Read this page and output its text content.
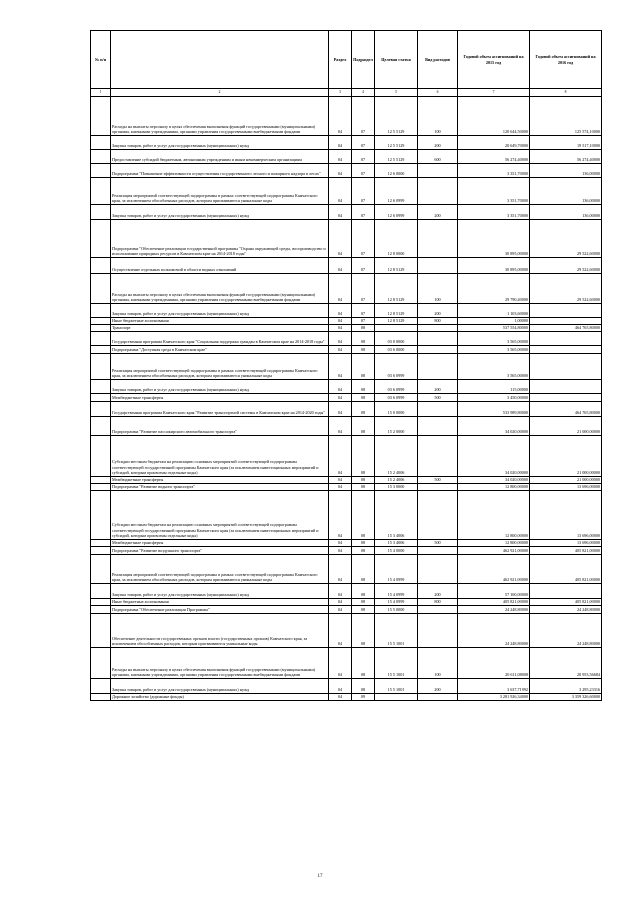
№ п/п		Раздел	Подраздел	Целевая статья	Вид расходов	Годовой объем ассигнований на 2015 год	Годовой объем ассигнований на 2016 год
1	2	3	4	5	6	7	8
	Расходы на выплаты персоналу в целях обеспечения выполнения функций государственными (муниципальными) органами, казенными учреждениями, органами управления государственными внебюджетными фондами	04	07	12 5 5129	100	120 644,50000	125 574,10000
	Закупка товаров, работ и услуг для государственных (муниципальных) нужд	04	07	12 5 5129	200	20 649,70000	19 517,10000
	Предоставление субсидий бюджетным, автономным учреждениям и иным некоммерческим организациям	04	07	12 5 5129	600	56 274,40000	56 274,40000
	Подпрограмма "Повышение эффективности осуществления государственного лесного и пожарного надзора в лесах"	04	07	12 6 0000		3 351,70000	136,00000
	Реализация мероприятий соответствующей подпрограммы в рамках соответствующей подпрограммы Камчатского края, за исключением обособленных расходов, которым присваиваются уникальные коды	04	07	12 6 0999		3 351,70000	136,00000
	Закупка товаров, работ и услуг для государственных (муниципальных) нужд	04	07	12 6 0999	200	3 351,70000	136,00000
	Подпрограмма "Обеспечение реализации государственной программы "Охрана окружающей среды, воспроизводство и использование природных ресурсов в Камчатском крае на 2014-2018 годы"	04	07	12 8 0000		30 895,00000	29 522,60000
	Осуществление отдельных полномочий в области водных отношений	04	07	12 8 5129		30 895,00000	29 522,60000
	Расходы на выплаты персоналу в целях обеспечения выполнения функций государственными (муниципальными) органами, казенными учреждениями, органами управления государственными внебюджетными фондами	04	07	12 8 5129	100	29 790,40000	29 522,60000
	Закупка товаров, работ и услуг для государственных (муниципальных) нужд	04	07	12 8 5129	200	1 103,60000	
	Иные бюджетные ассигнования	04	07	12 8 5129	800	1,00000	
	Транспорт	04	08			537 554,80000	464 765,80000
	Государственная программа Камчатского края "Социальная поддержка граждан в Камчатском крае на 2014-2018 годы"	04	08	03 0 0000		3 565,00000	
	Подпрограмма "Доступная среда в Камчатском крае"	04	08	03 6 0000		3 565,00000	
	Реализация мероприятий соответствующей подпрограммы в рамках соответствующей подпрограммы Камчатского края, за исключением обособленных расходов, которым присваиваются уникальные коды	04	08	03 6 0999		3 565,00000	
	Закупка товаров, работ и услуг для государственных (муниципальных) нужд	04	08	03 6 0999	200	115,00000	
	Межбюджетные трансферты	04	08	03 6 0999	500	3 450,00000	
	Государственная программа Камчатского края "Развитие транспортной системы в Камчатском крае на 2014-2020 годы"	04	08	15 0 0000		533 989,80000	464 765,80000
	Подпрограмма "Развитие пассажирского автомобильного транспорта"	04	08	15 2 0000		34 020,00000	21 000,00000
	Субсидии местным бюджетам на реализацию основных мероприятий соответствующей подпрограммы соответствующей государственной программы Камчатского края (за исключением инвестиционных мероприятий и субсидий, которым присвоены отдельные коды)	04	08	15 2 4006		34 020,00000	21 000,00000
	Межбюджетные трансферты	04	08	15 2 4006	500	34 020,00000	21 000,00000
	Подпрограмма "Развитие водного транспорта"	04	08	15 3 0000		12 800,00000	13 696,00000
	Субсидии местным бюджетам на реализацию основных мероприятий соответствующей подпрограммы соответствующей государственной программы Камчатского края (за исключением инвестиционных мероприятий и субсидий, которым присвоены отдельные коды)	04	08	15 3 4006		12 800,00000	13 696,00000
	Межбюджетные трансферты	04	08	15 3 4006	500	12 800,00000	13 696,00000
	Подпрограмма "Развитие воздушного транспорта"	04	08	15 4 0000		462 921,00000	405 821,00000
	Реализация мероприятий соответствующей подпрограммы в рамках соответствующей подпрограммы Камчатского края, за исключением обособленных расходов, которым присваиваются уникальные коды	04	08	15 4 0999		462 921,00000	405 821,00000
	Закупка товаров, работ и услуг для государственных (муниципальных) нужд	04	08	15 4 0999	200	57 100,00000	
	Иные бюджетные ассигнования	04	08	15 4 0999	800	405 821,00000	405 821,00000
	Подпрограмма "Обеспечение реализации Программы"	04	08	15 5 0000		24 248,80000	24 248,80000
	Обеспечение деятельности государственных органов власти (государственных органов) Камчатского края, за исключением обособленных расходов, которым присваиваются уникальные коды	04	08	15 5 1001		24 248,80000	24 248,80000
	Расходы на выплаты персоналу в целях обеспечения выполнения функций государственными (муниципальными) органами, казенными учреждениями, органами управления государственными внебюджетными фондами	04	08	15 5 1001	100	20 611,08008	20 953,56684
	Закупка товаров, работ и услуг для государственных (муниципальных) нужд	04	08	15 5 1001	200	3 637,71992	3 295,23316
	Дорожное хозяйство (дорожные фонды)	04	09			3 281 926,34000	3 359 326,60000
17
